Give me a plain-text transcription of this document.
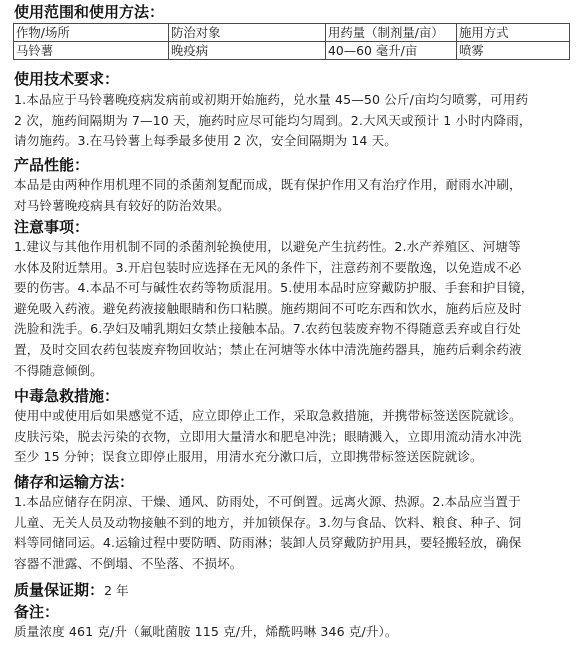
使用范围和使用方法：
作物/场所	防治对象	用药量（制剂量/亩）	施用方式
马铃薯	晚疫病	40—60 毫升/亩	喷雾
使用技术要求：
1.本品应于马铃薯晚疫病发病前或初期开始施药，兑水量 45—50 公斤/亩均匀喷雾，可用药
2 次，施药间隔期为 7—10 天，施药时应尽可能均匀周到。2.大风天或预计 1 小时内降雨，
请勿施药。3.在马铃薯上每季最多使用 2 次，安全间隔期为 14 天。
产品性能：
本品是由两种作用机理不同的杀菌剂复配而成，既有保护作用又有治疗作用，耐雨水冲刷，
对马铃薯晚疫病具有较好的防治效果。
注意事项：
1.建议与其他作用机制不同的杀菌剂轮换使用，以避免产生抗药性。2.水产养殖区、河塘等
水体及附近禁用。3.开启包装时应选择在无风的条件下，注意药剂不要散逸，以免造成不必
要的伤害。4.本品不可与碱性农药等物质混用。5.使用本品时应穿戴防护服、手套和护目镜，
避免吸入药液。避免药液接触眼睛和伤口粘膜。施药期间不可吃东西和饮水，施药后应及时
洗脸和洗手。6.孕妇及哺乳期妇女禁止接触本品。7.农药包装废弃物不得随意丢弃或自行处
置，及时交回农药包装废弃物回收站；禁止在河塘等水体中清洗施药器具，施药后剩余药液
不得随意倾倒。
中毒急救措施：
使用中或使用后如果感觉不适，应立即停止工作，采取急救措施，并携带标签送医院就诊。
皮肤污染，脱去污染的衣物，立即用大量清水和肥皂冲洗；眼睛溅入，立即用流动清水冲洗
至少 15 分钟；误食立即停止服用，用清水充分漱口后，立即携带标签送医院就诊。
储存和运输方法：
1.本品应储存在阴凉、干燥、通风、防雨处，不可倒置。远离火源、热源。2.本品应当置于
儿童、无关人员及动物接触不到的地方，并加锁保存。3.勿与食品、饮料、粮食、种子、饲
料等同储同运。4.运输过程中要防晒、防雨淋；装卸人员穿戴防护用具，要轻搬轻放，确保
容器不泄露、不倒塌、不坠落、不损坏。
质量保证期：2 年
备注：
质量浓度 461 克/升（氟吡菌胺 115 克/升，烯酰吗啉 346 克/升）。
